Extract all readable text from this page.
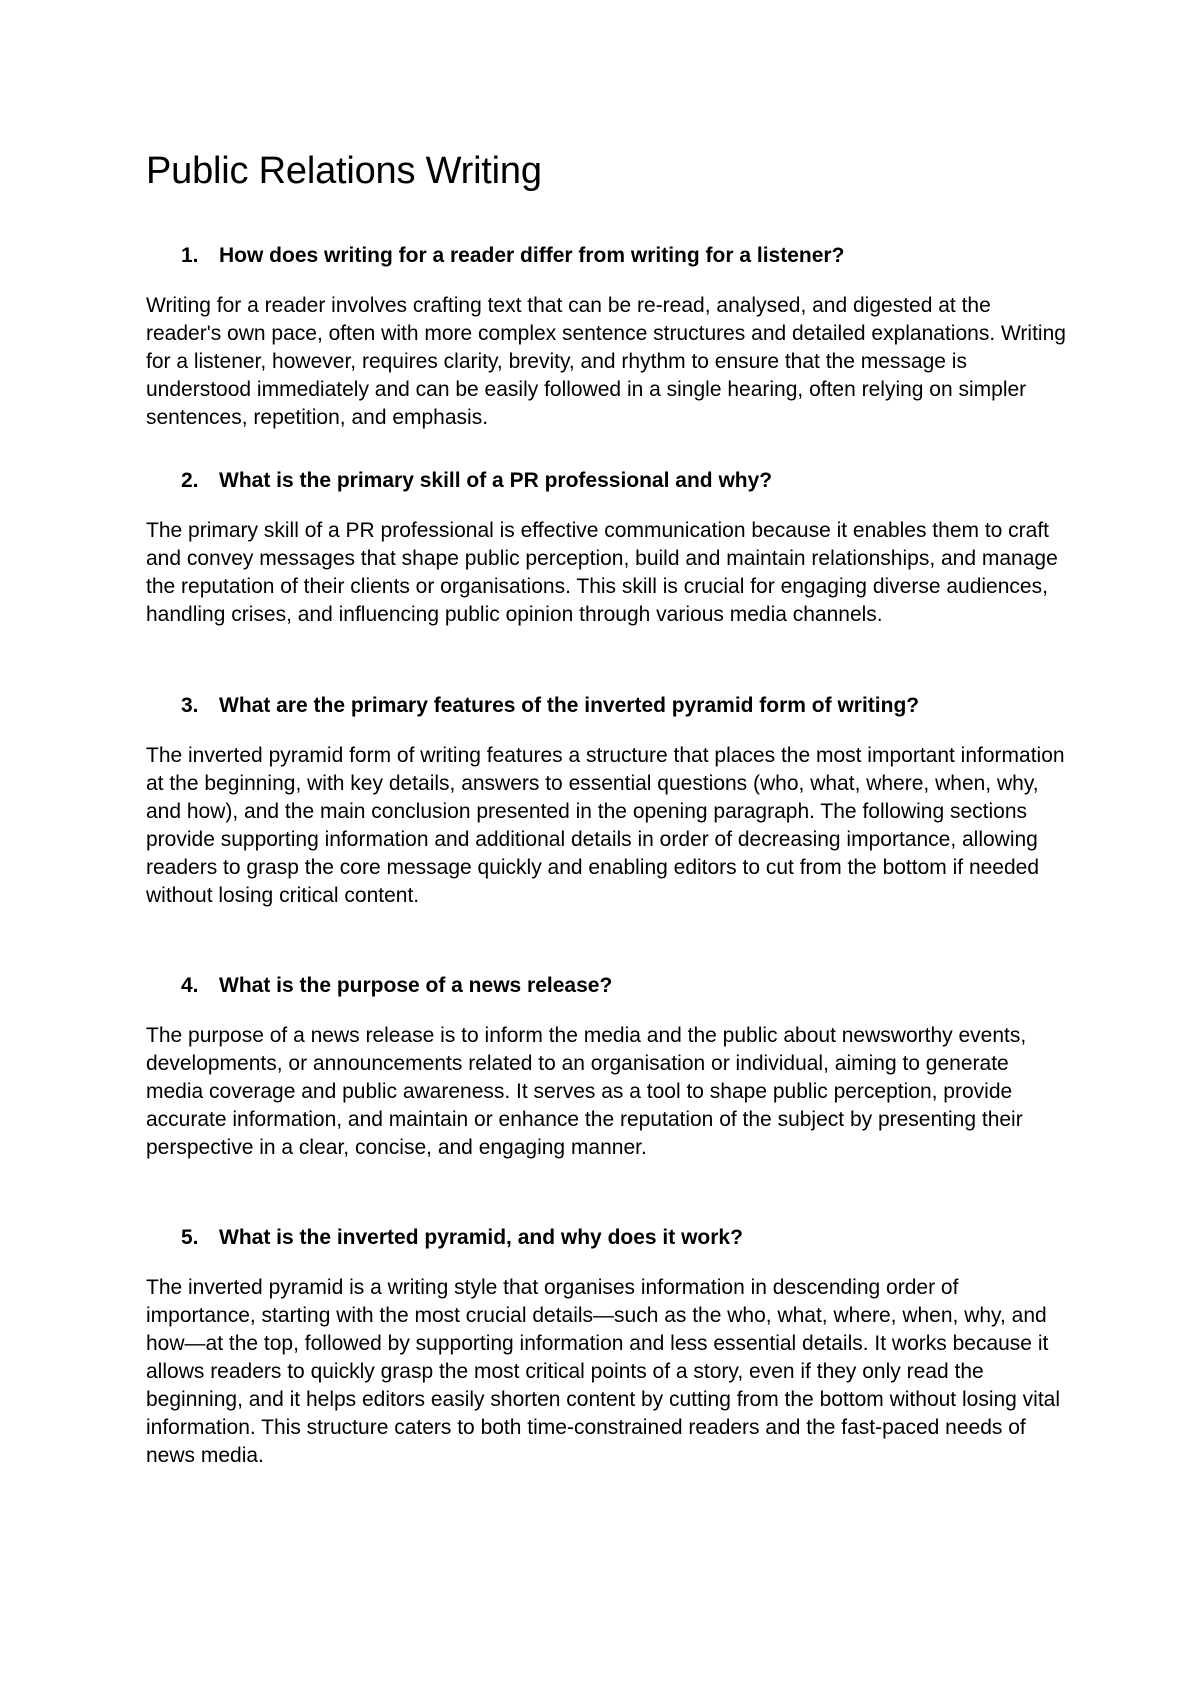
Public Relations Writing
1. How does writing for a reader differ from writing for a listener?

Writing for a reader involves crafting text that can be re-read, analysed, and digested at the reader's own pace, often with more complex sentence structures and detailed explanations. Writing for a listener, however, requires clarity, brevity, and rhythm to ensure that the message is understood immediately and can be easily followed in a single hearing, often relying on simpler sentences, repetition, and emphasis.

2. What is the primary skill of a PR professional and why?

The primary skill of a PR professional is effective communication because it enables them to craft and convey messages that shape public perception, build and maintain relationships, and manage the reputation of their clients or organisations. This skill is crucial for engaging diverse audiences, handling crises, and influencing public opinion through various media channels.

3. What are the primary features of the inverted pyramid form of writing?

The inverted pyramid form of writing features a structure that places the most important information at the beginning, with key details, answers to essential questions (who, what, where, when, why, and how), and the main conclusion presented in the opening paragraph. The following sections provide supporting information and additional details in order of decreasing importance, allowing readers to grasp the core message quickly and enabling editors to cut from the bottom if needed without losing critical content.

4. What is the purpose of a news release?

The purpose of a news release is to inform the media and the public about newsworthy events, developments, or announcements related to an organisation or individual, aiming to generate media coverage and public awareness. It serves as a tool to shape public perception, provide accurate information, and maintain or enhance the reputation of the subject by presenting their perspective in a clear, concise, and engaging manner.

5. What is the inverted pyramid, and why does it work?

The inverted pyramid is a writing style that organises information in descending order of importance, starting with the most crucial details—such as the who, what, where, when, why, and how—at the top, followed by supporting information and less essential details. It works because it allows readers to quickly grasp the most critical points of a story, even if they only read the beginning, and it helps editors easily shorten content by cutting from the bottom without losing vital information. This structure caters to both time-constrained readers and the fast-paced needs of news media.
